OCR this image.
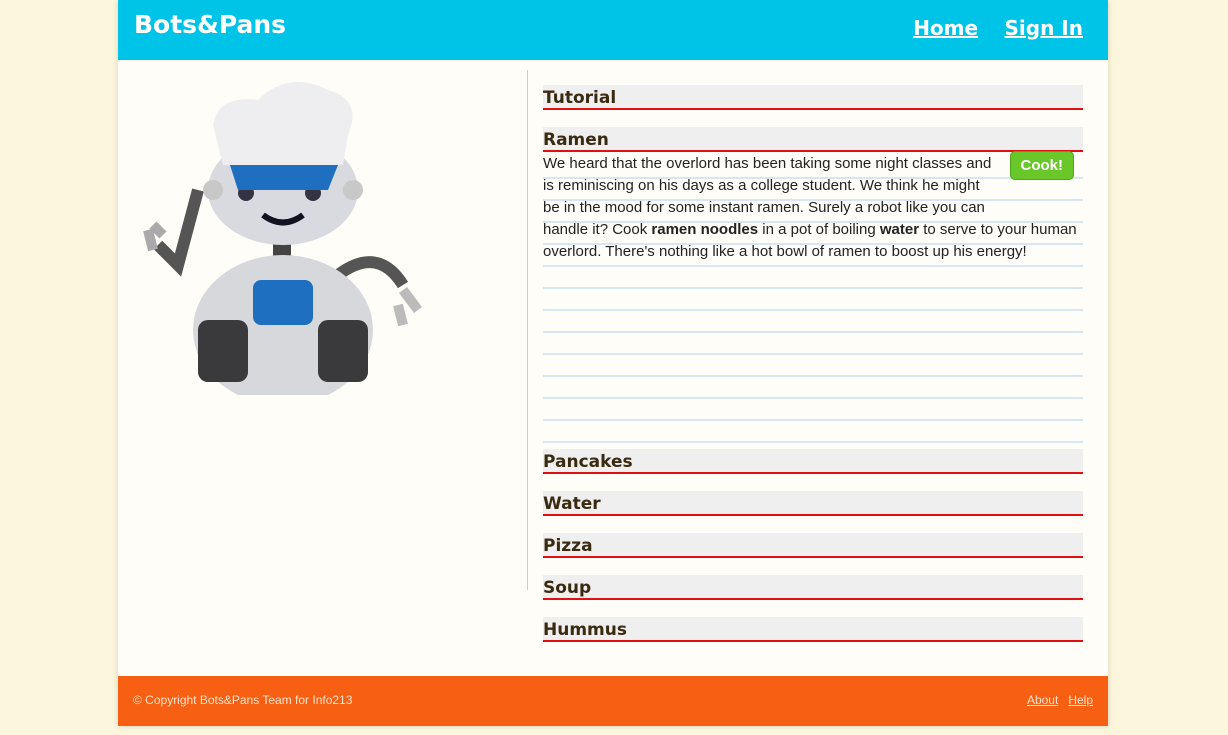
Bots&Pans	Home Sign In
Tutorial
Ramen
Cook!

We heard that the overlord has been taking some night classes and
is reminiscing on his days as a college student. We think he might
be in the mood for some instant ramen. Surely a robot like you can
handle it? Cook ramen noodles in a pot of boiling water to serve to your human overlord. There's nothing like a hot bowl of ramen to boost up his energy!

Pancakes
Water
Pizza
Soup
Hummus
© Copyright Bots&Pans Team for Info213	About Help
